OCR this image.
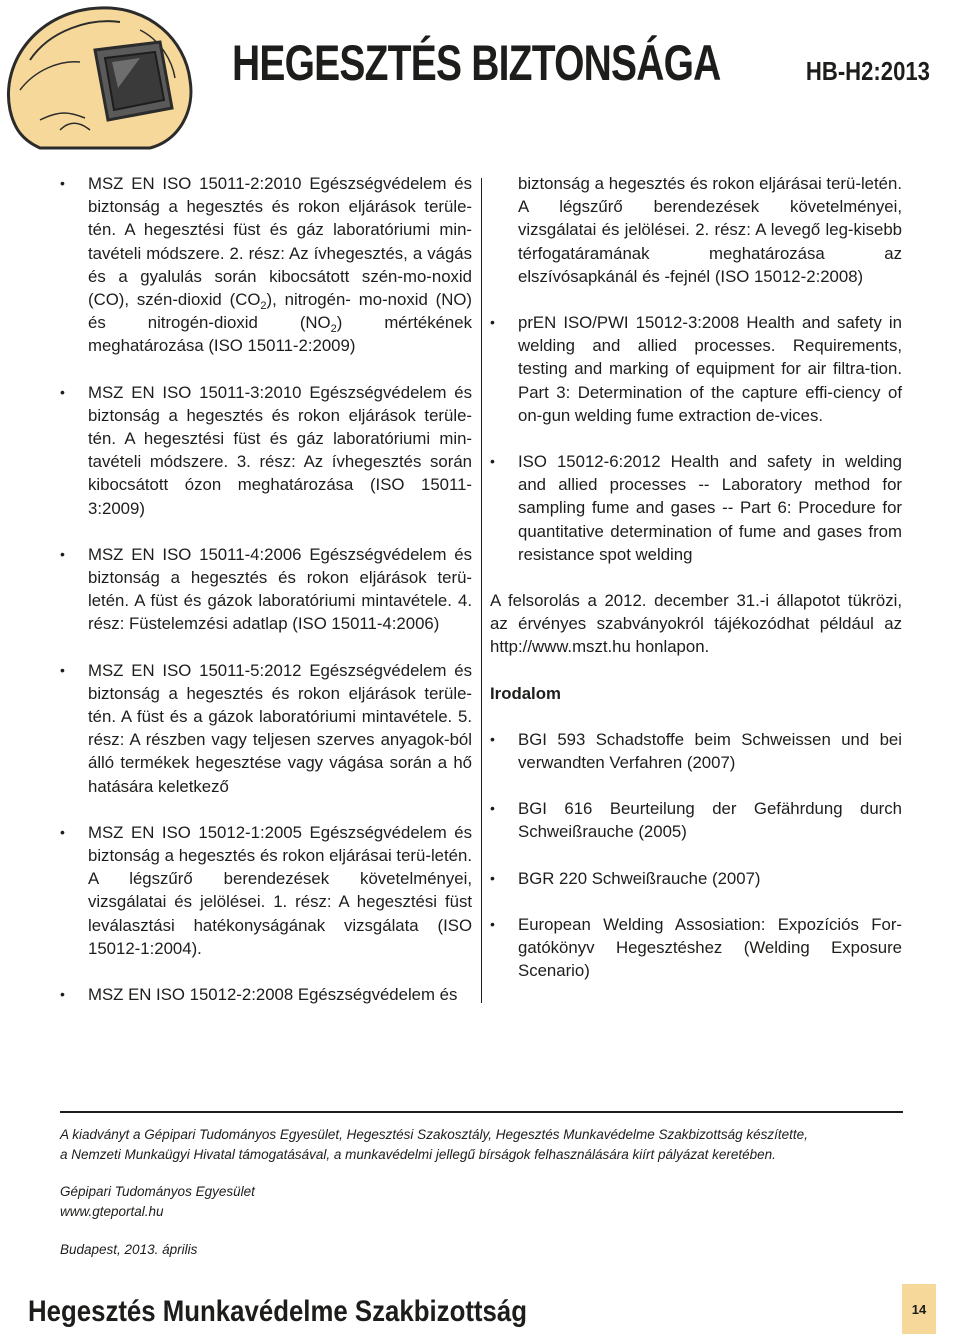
HEGESZTÉS BIZTONSÁGA	HB-H2:2013
• MSZ EN ISO 15011-2:2010 Egészségvédelem és biztonság a hegesztés és rokon eljárások terüle-tén. A hegesztési füst és gáz laboratóriumi min-tavételi módszere. 2. rész: Az ívhegesztés, a vágás és a gyalulás során kibocsátott szén-mo-noxid (CO), szén-dioxid $(CO_2)$, nitrogén- mo-noxid (NO) és nitrogén-dioxid $(NO_2)$ mértékének meghatározása (ISO 15011-2:2009)
• MSZ EN ISO 15011-3:2010 Egészségvédelem és biztonság a hegesztés és rokon eljárások terüle-tén. A hegesztési füst és gáz laboratóriumi min-tavételi módszere. 3. rész: Az ívhegesztés során kibocsátott ózon meghatározása (ISO 15011-3:2009)
• MSZ EN ISO 15011-4:2006 Egészségvédelem és biztonság a hegesztés és rokon eljárások terü-letén. A füst és gázok laboratóriumi mintavétele. 4. rész: Füstelemzési adatlap (ISO 15011-4:2006)
• MSZ EN ISO 15011-5:2012 Egészségvédelem és biztonság a hegesztés és rokon eljárások terüle-tén. A füst és a gázok laboratóriumi mintavétele. 5. rész: A részben vagy teljesen szerves anyagok-ból álló termékek hegesztése vagy vágása során a hő hatására keletkező
• MSZ EN ISO 15012-1:2005 Egészségvédelem és biztonság a hegesztés és rokon eljárásai terü-letén. A légszűrő berendezések követelményei, vizsgálatai és jelölései. 1. rész: A hegesztési füst leválasztási hatékonyságának vizsgálata (ISO 15012-1:2004).
• MSZ EN ISO 15012-2:2008 Egészségvédelem és
biztonság a hegesztés és rokon eljárásai terü-letén. A légszűrő berendezések követelményei, vizsgálatai és jelölései. 2. rész: A levegő leg-kisebb térfogatáramának meghatározása az elszívósapkánál és -fejnél (ISO 15012-2:2008)
• prEN ISO/PWI 15012-3:2008 Health and safety in welding and allied processes. Requirements, testing and marking of equipment for air filtra-tion. Part 3: Determination of the capture effi-ciency of on-gun welding fume extraction de-vices.
• ISO 15012-6:2012 Health and safety in welding and allied processes -- Laboratory method for sampling fume and gases -- Part 6: Procedure for quantitative determination of fume and gases from resistance spot welding

A felsorolás a 2012. december 31.-i állapotot tükrözi, az érvényes szabványokról tájékozódhat például az http://www.mszt.hu honlapon.

Irodalom

• BGI 593 Schadstoffe beim Schweissen und bei verwandten Verfahren (2007)
• BGI 616 Beurteilung der Gefährdung durch Schweißrauche (2005)
• BGR 220 Schweißrauche (2007)
• European Welding Assosiation: Expozíciós For-gatókönyv Hegesztéshez (Welding Exposure Scenario)
A kiadványt a Gépipari Tudományos Egyesület, Hegesztési Szakosztály, Hegesztés Munkavédelme Szakbizottság készítette,
a Nemzeti Munkaügyi Hivatal támogatásával, a munkavédelmi jellegű bírságok felhasználására kiírt pályázat keretében.
Gépipari Tudományos Egyesület
www.gteportal.hu
Budapest, 2013. április
Hegesztés Munkavédelme Szakbizottság	14
